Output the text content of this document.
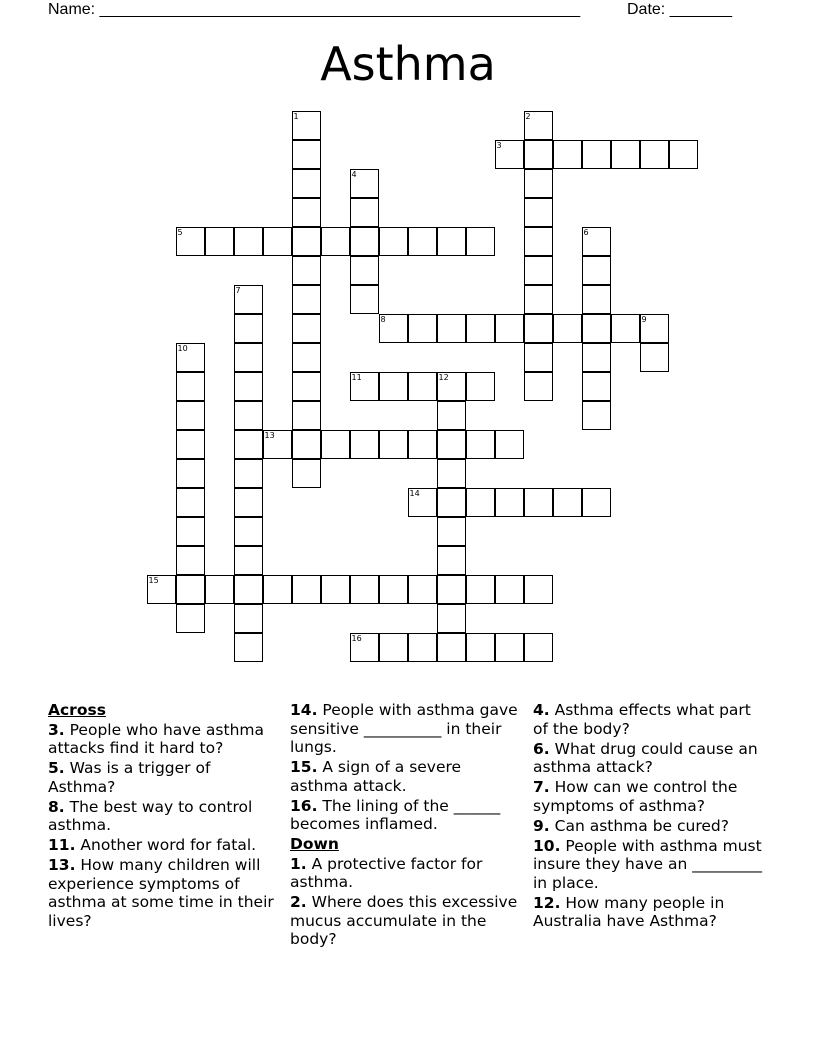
Name: ______________________________________________________	Date: _______
Asthma
1	2
3
4
5	6
7
8	9
10
11	12
13
14
15
16
Across
3. People who have asthma attacks find it hard to?
5. Was is a trigger of Asthma?
8. The best way to control asthma.
11. Another word for fatal.
13. How many children will experience symptoms of asthma at some time in their lives?
14. People with asthma gave sensitive __________ in their lungs.
15. A sign of a severe asthma attack.
16. The lining of the ______ becomes inflamed.
Down
1. A protective factor for asthma.
2. Where does this excessive mucus accumulate in the body?
4. Asthma effects what part of the body?
6. What drug could cause an asthma attack?
7. How can we control the symptoms of asthma?
9. Can asthma be cured?
10. People with asthma must insure they have an _________ in place.
12. How many people in Australia have Asthma?
